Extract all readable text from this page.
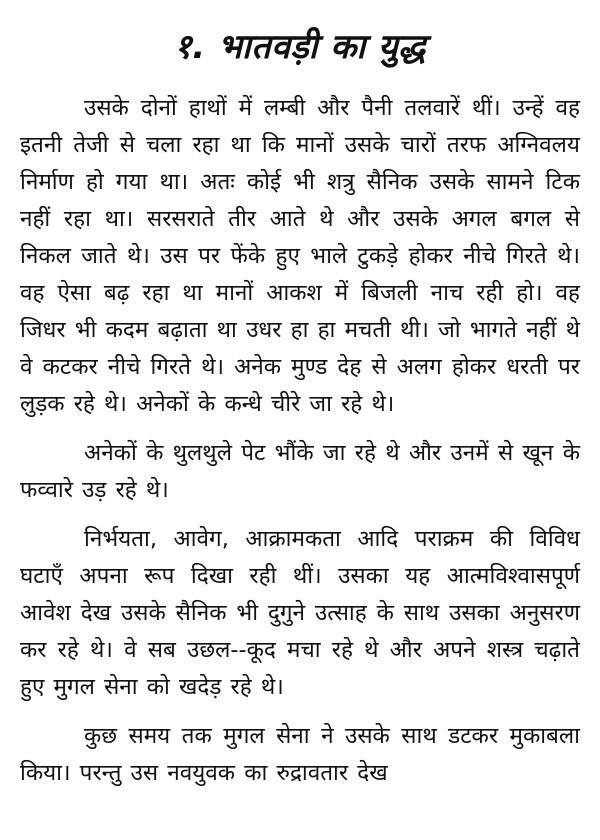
१. भातवड़ी का युद्ध

उसके दोनों हाथों में लम्बी और पैनी तलवारें थीं। उन्हें वह इतनी तेजी से चला रहा था कि मानों उसके चारों तरफ अग्निवलय निर्माण हो गया था। अतः कोई भी शत्रु सैनिक उसके सामने टिक नहीं रहा था। सरसराते तीर आते थे और उसके अगल बगल से निकल जाते थे। उस पर फेंके हुए भाले टुकड़े होकर नीचे गिरते थे। वह ऐसा बढ़ रहा था मानों आकश में बिजली नाच रही हो। वह जिधर भी कदम बढ़ाता था उधर हा हा मचती थी। जो भागते नहीं थे वे कटकर नीचे गिरते थे। अनेक मुण्ड देह से अलग होकर धरती पर लुड़क रहे थे। अनेकों के कन्धे चीरे जा रहे थे।

अनेकों के थुलथुले पेट भौंके जा रहे थे और उनमें से खून के फव्वारे उड़ रहे थे।

निर्भयता, आवेग, आक्रामकता आदि पराक्रम की विविध घटाएँ अपना रूप दिखा रही थीं। उसका यह आत्मविश्वासपूर्ण आवेश देख उसके सैनिक भी दुगुने उत्साह के साथ उसका अनुसरण कर रहे थे। वे सब उछल--कूद मचा रहे थे और अपने शस्त्र चढ़ाते हुए मुगल सेना को खदेड़ रहे थे।

कुछ समय तक मुगल सेना ने उसके साथ डटकर मुकाबला किया। परन्तु उस नवयुवक का रुद्रावतार देख
